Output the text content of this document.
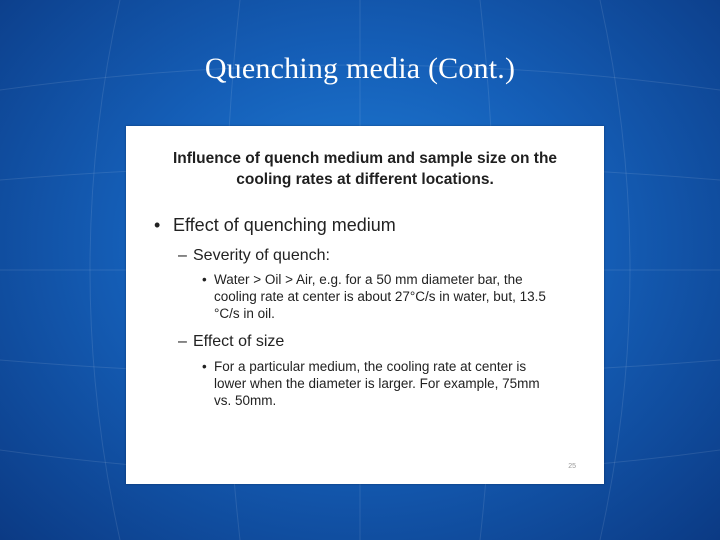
Quenching media (Cont.)
Influence of quench medium and sample size on the
cooling rates at different locations.
• Effect of quenching medium
– Severity of quench:
• Water > Oil > Air, e.g. for a 50 mm diameter bar, the
cooling rate at center is about 27°C/s in water, but, 13.5
°C/s in oil.
– Effect of size
• For a particular medium, the cooling rate at center is
lower when the diameter is larger. For example, 75mm
vs. 50mm.
25
